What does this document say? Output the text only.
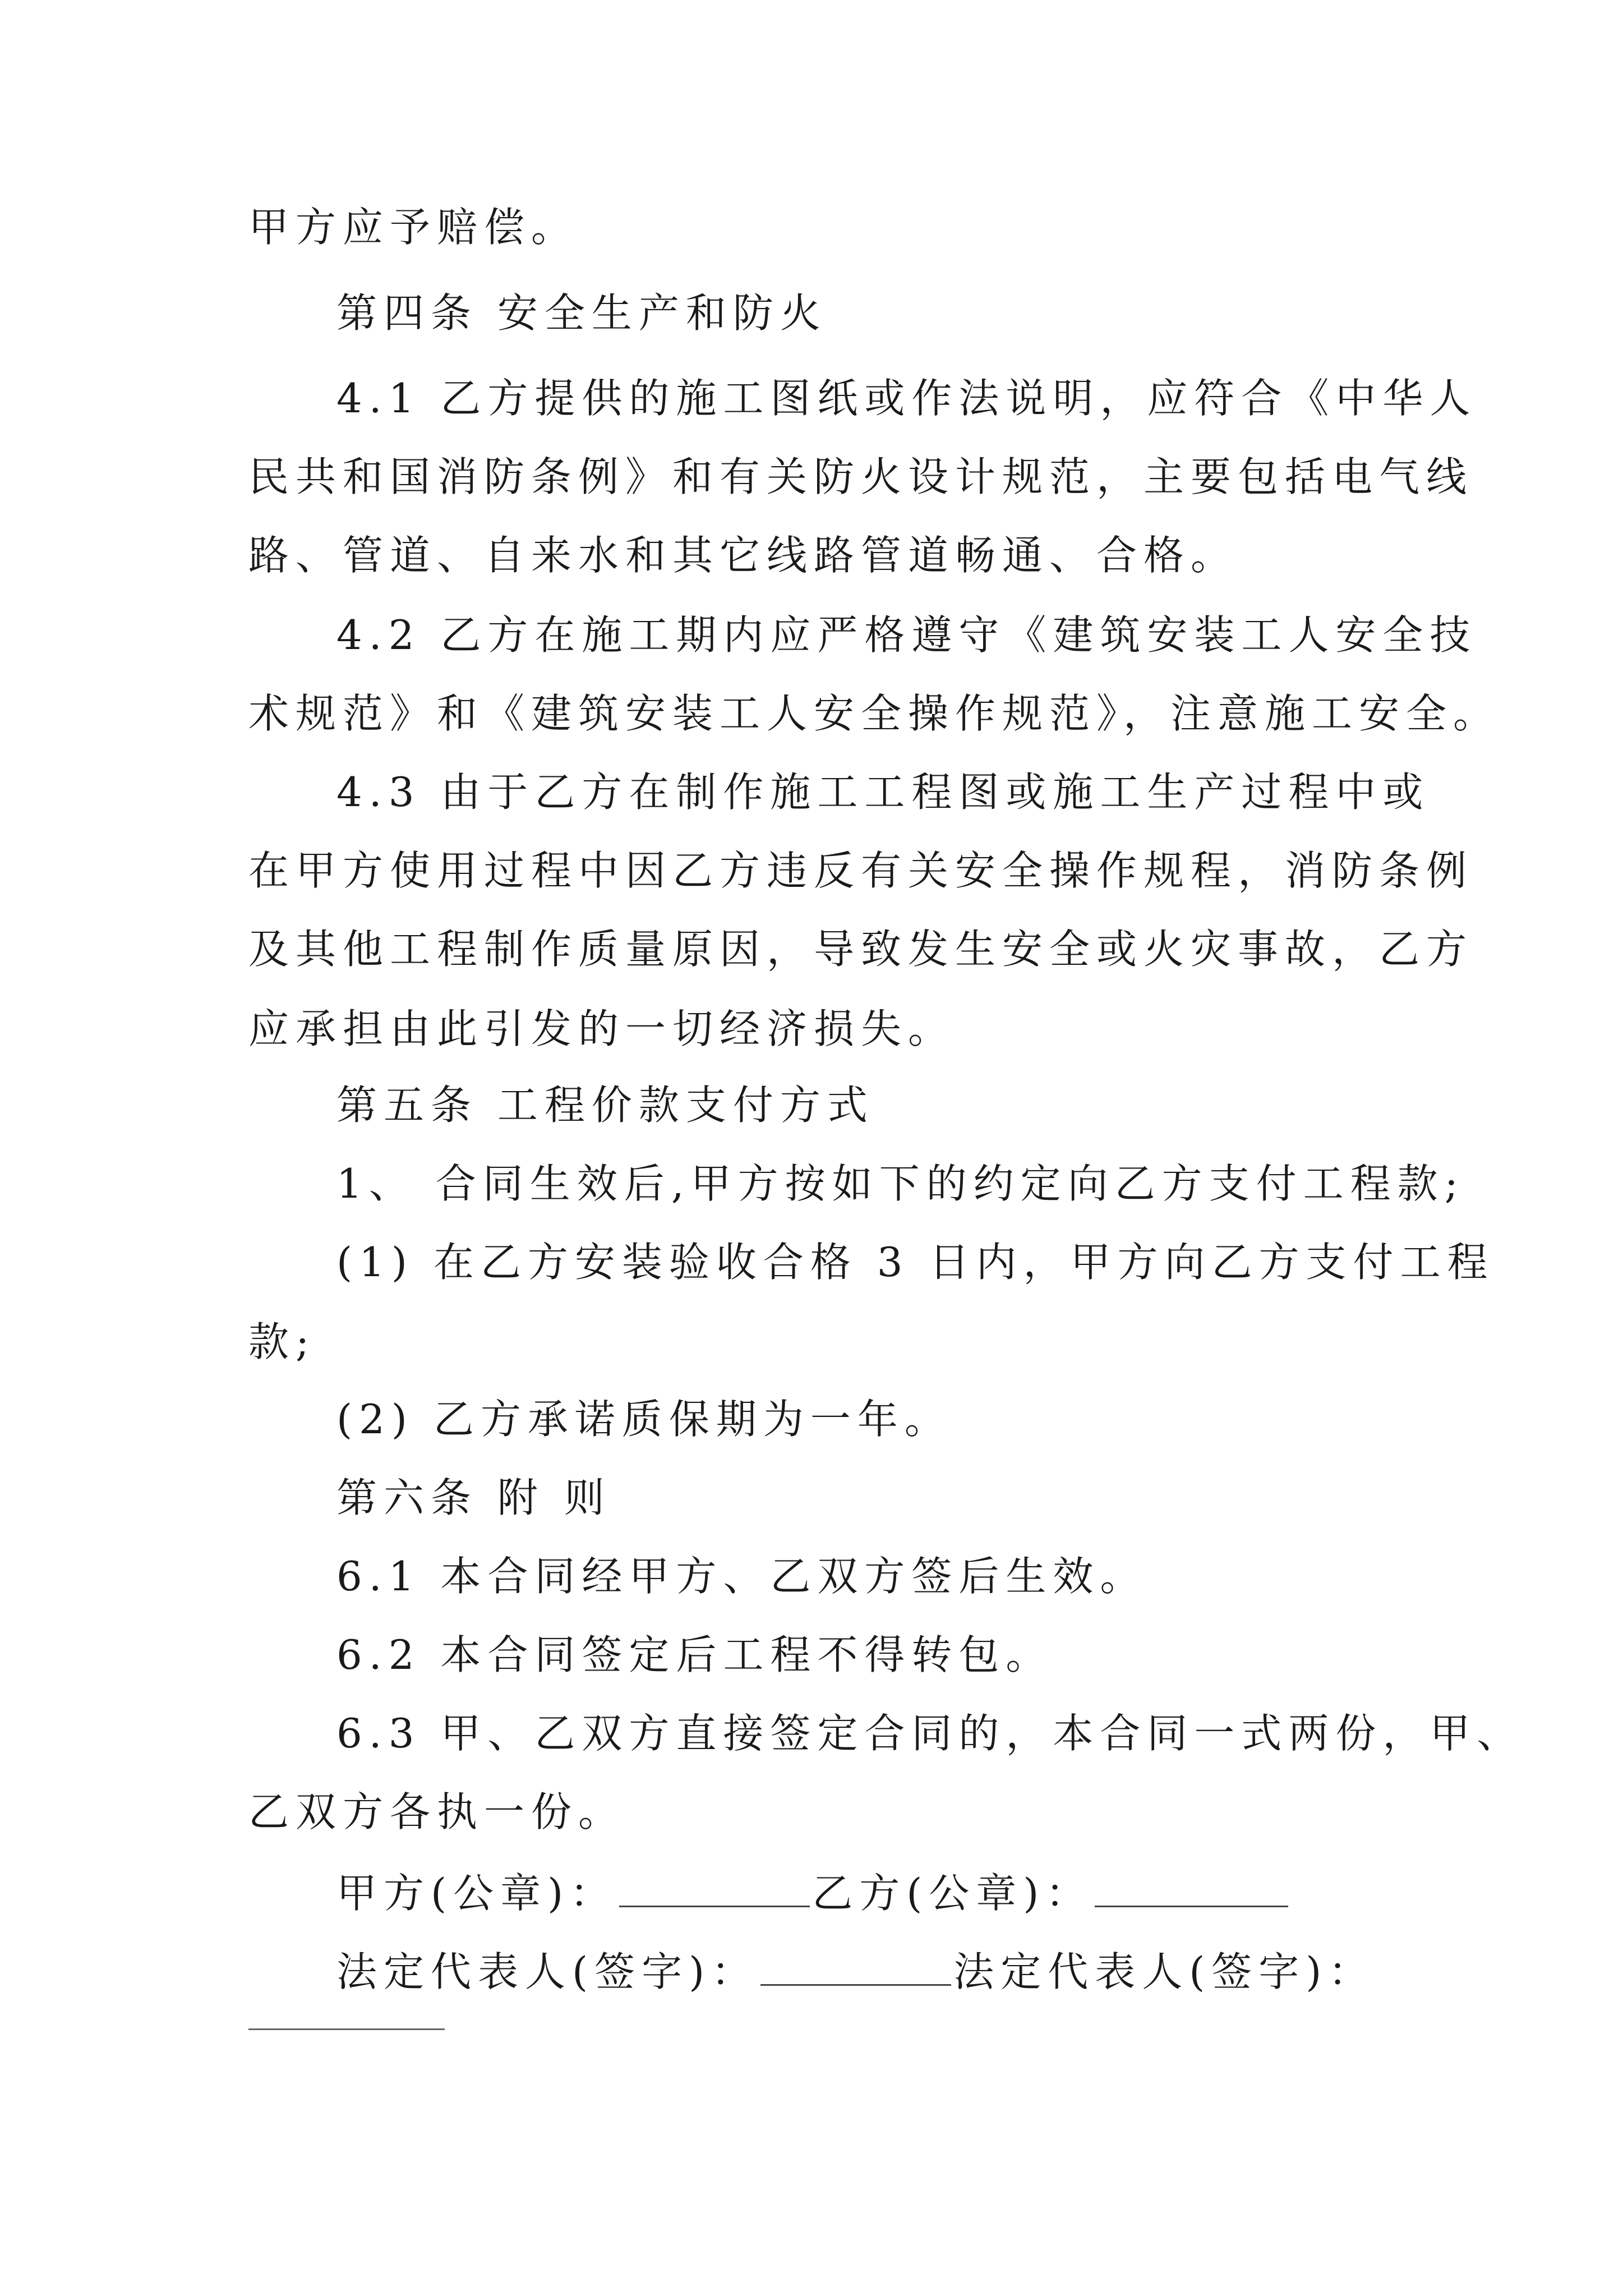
甲方应予赔偿。
第四条 安全生产和防火
4.1 乙方提供的施工图纸或作法说明，应符合《中华人
民共和国消防条例》和有关防火设计规范，主要包括电气线
路、管道、自来水和其它线路管道畅通、合格。
4.2 乙方在施工期内应严格遵守《建筑安装工人安全技
术规范》和《建筑安装工人安全操作规范》，注意施工安全。
4.3 由于乙方在制作施工工程图或施工生产过程中或
在甲方使用过程中因乙方违反有关安全操作规程，消防条例
及其他工程制作质量原因，导致发生安全或火灾事故，乙方
应承担由此引发的一切经济损失。
第五条 工程价款支付方式
1、 合同生效后,甲方按如下的约定向乙方支付工程款;
(1) 在乙方安装验收合格 3 日内，甲方向乙方支付工程
款;
(2) 乙方承诺质保期为一年。
第六条 附 则
6.1 本合同经甲方、乙双方签后生效。
6.2 本合同签定后工程不得转包。
6.3 甲、乙双方直接签定合同的，本合同一式两份，甲、
乙双方各执一份。
甲方(公章)：	乙方(公章)：
法定代表人(签字)：	法定代表人(签字)：
